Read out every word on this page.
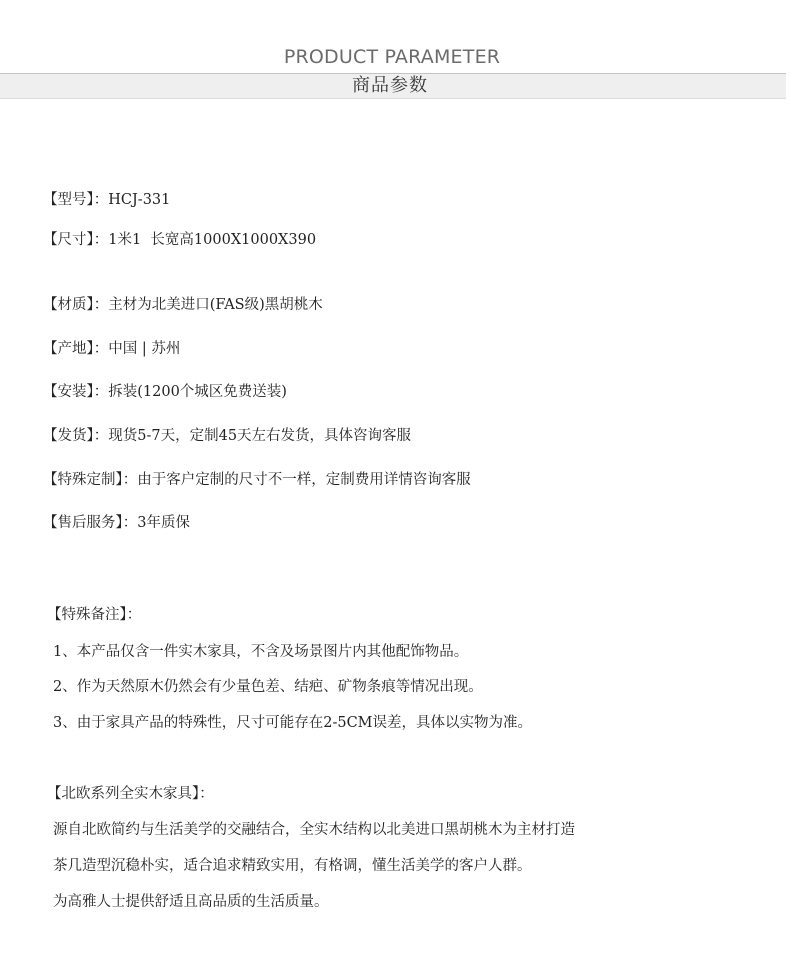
PRODUCT PARAMETER
商品参数
【型号】：HCJ-331
【尺寸】：1米1  长宽高1000X1000X390
【材质】：主材为北美进口(FAS级)黑胡桃木
【产地】：中国 | 苏州
【安装】：拆装(1200个城区免费送装)
【发货】：现货5-7天，定制45天左右发货，具体咨询客服
【特殊定制】：由于客户定制的尺寸不一样，定制费用详情咨询客服
【售后服务】：3年质保
【特殊备注】：
1、本产品仅含一件实木家具，不含及场景图片内其他配饰物品。
2、作为天然原木仍然会有少量色差、结疤、矿物条痕等情况出现。
3、由于家具产品的特殊性，尺寸可能存在2-5CM误差，具体以实物为准。
【北欧系列全实木家具】：
源自北欧简约与生活美学的交融结合，全实木结构以北美进口黑胡桃木为主材打造
茶几造型沉稳朴实，适合追求精致实用，有格调，懂生活美学的客户人群。
为高雅人士提供舒适且高品质的生活质量。
